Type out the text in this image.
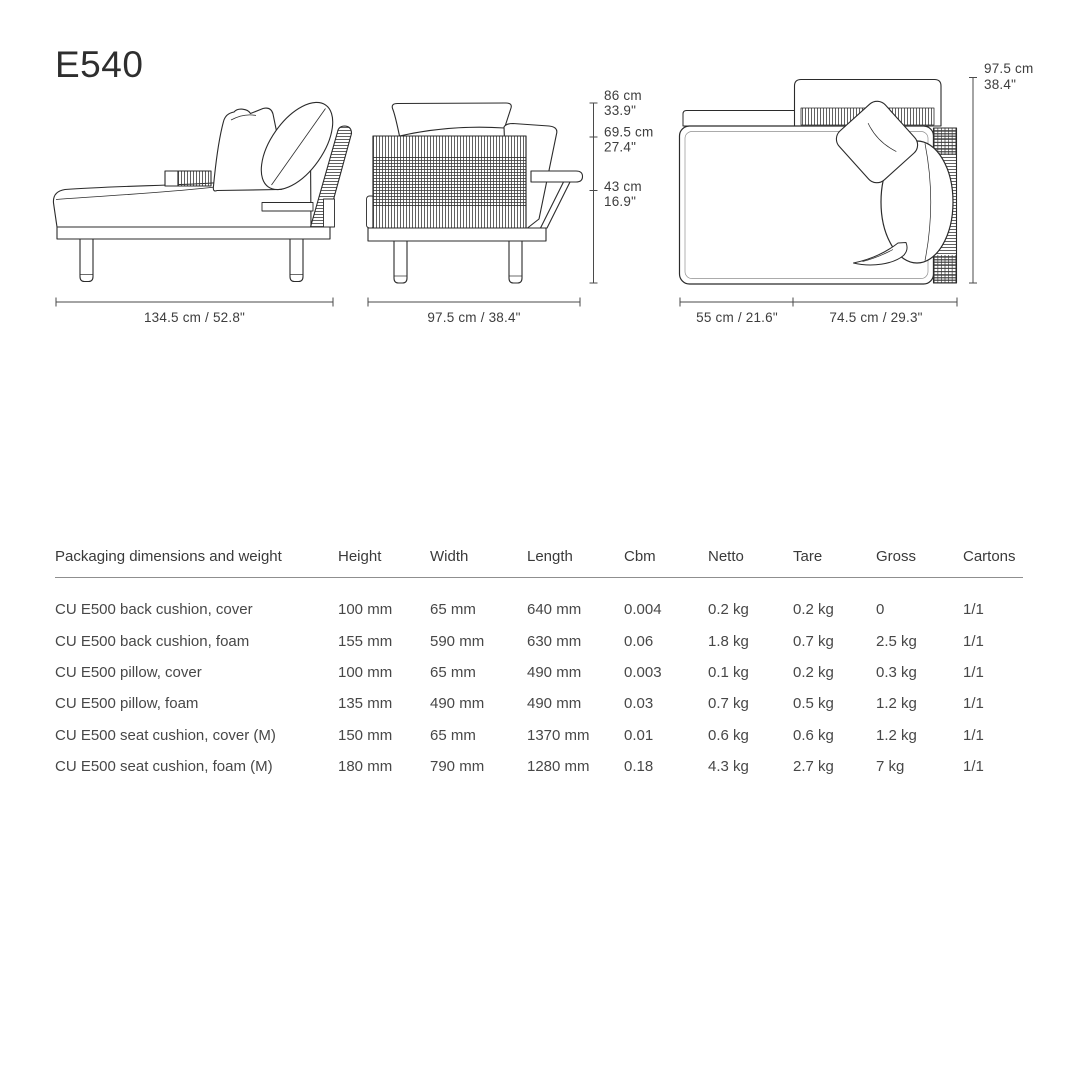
134.5 cm / 52.8"	97.5 cm / 38.4"
86 cm
33.9"
69.5 cm
27.4"
43 cm
16.9"
55 cm / 21.6"	74.5 cm / 29.3"
97.5 cm
38.4"
E540
Packaging dimensions and weight	Height	Width	Length	Cbm	Netto	Tare	Gross	Cartons
CU E500 back cushion, cover	100 mm	65 mm	640 mm	0.004	0.2 kg	0.2 kg	0	1/1
CU E500 back cushion, foam	155 mm	590 mm	630 mm	0.06	1.8 kg	0.7 kg	2.5 kg	1/1
CU E500 pillow, cover	100 mm	65 mm	490 mm	0.003	0.1 kg	0.2 kg	0.3 kg	1/1
CU E500 pillow, foam	135 mm	490 mm	490 mm	0.03	0.7 kg	0.5 kg	1.2 kg	1/1
CU E500 seat cushion, cover (M)	150 mm	65 mm	1370 mm	0.01	0.6 kg	0.6 kg	1.2 kg	1/1
CU E500 seat cushion, foam (M)	180 mm	790 mm	1280 mm	0.18	4.3 kg	2.7 kg	7 kg	1/1
